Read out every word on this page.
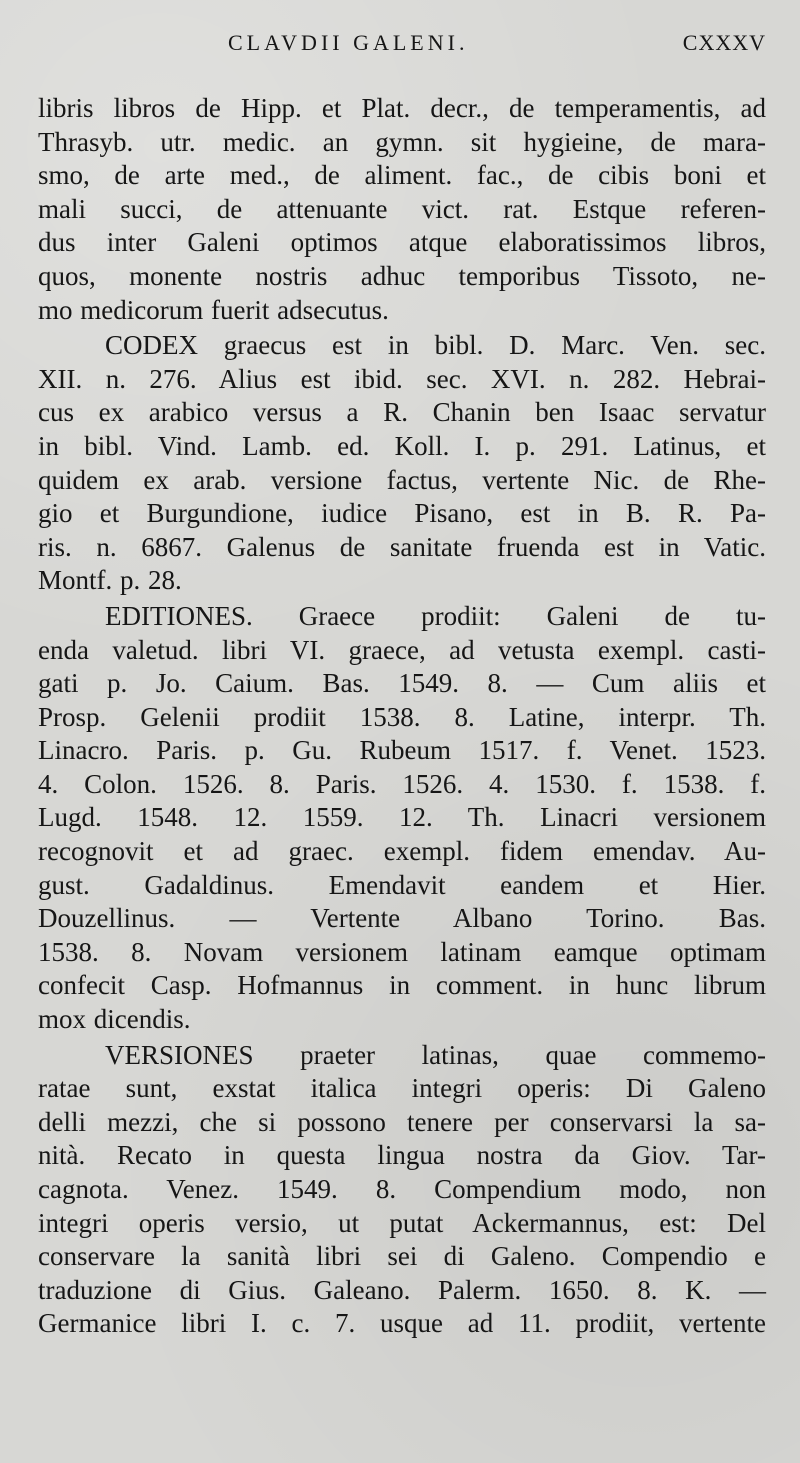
CLAVDII GALENI.	CXXXV
libris libros de Hipp. et Plat. decr., de temperamentis, ad
Thrasyb. utr. medic. an gymn. sit hygieine, de mara-
smo, de arte med., de aliment. fac., de cibis boni et
mali succi, de attenuante vict. rat. Estque referen-
dus inter Galeni optimos atque elaboratissimos libros,
quos, monente nostris adhuc temporibus Tissoto, ne-
mo medicorum fuerit adsecutus.
CODEX graecus est in bibl. D. Marc. Ven. sec.
XII. n. 276. Alius est ibid. sec. XVI. n. 282. Hebrai-
cus ex arabico versus a R. Chanin ben Isaac servatur
in bibl. Vind. Lamb. ed. Koll. I. p. 291. Latinus, et
quidem ex arab. versione factus, vertente Nic. de Rhe-
gio et Burgundione, iudice Pisano, est in B. R. Pa-
ris. n. 6867. Galenus de sanitate fruenda est in Vatic.
Montf. p. 28.
EDITIONES. Graece prodiit: Galeni de tu-
enda valetud. libri VI. graece, ad vetusta exempl. casti-
gati p. Jo. Caium. Bas. 1549. 8. — Cum aliis et
Prosp. Gelenii prodiit 1538. 8. Latine, interpr. Th.
Linacro. Paris. p. Gu. Rubeum 1517. f. Venet. 1523.
4. Colon. 1526. 8. Paris. 1526. 4. 1530. f. 1538. f.
Lugd. 1548. 12. 1559. 12. Th. Linacri versionem
recognovit et ad graec. exempl. fidem emendav. Au-
gust. Gadaldinus. Emendavit eandem et Hier.
Douzellinus. — Vertente Albano Torino. Bas.
1538. 8. Novam versionem latinam eamque optimam
confecit Casp. Hofmannus in comment. in hunc librum
mox dicendis.
VERSIONES praeter latinas, quae commemo-
ratae sunt, exstat italica integri operis: Di Galeno
delli mezzi, che si possono tenere per conservarsi la sa-
nità. Recato in questa lingua nostra da Giov. Tar-
cagnota. Venez. 1549. 8. Compendium modo, non
integri operis versio, ut putat Ackermannus, est: Del
conservare la sanità libri sei di Galeno. Compendio e
traduzione di Gius. Galeano. Palerm. 1650. 8. K. —
Germanice libri I. c. 7. usque ad 11. prodiit, vertente
